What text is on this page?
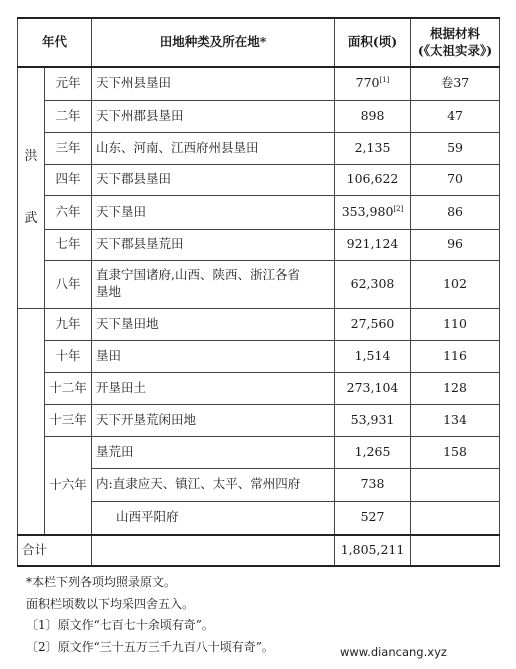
年代		田地种类及所在地*	面积(顷)	根据材料
(《太祖实录》)

洪
武	元年	天下州县垦田	770[1]	卷37
	二年	天下州郡县垦田	898	47
	三年	山东、河南、江西府州县垦田	2,135	59
	四年	天下郡县垦田	106,622	70
	六年	天下垦田	353,980[2]	86
	七年	天下郡县垦荒田	921,124	96
	八年	直隶宁国诸府,山西、陕西、浙江各省
垦地	62,308	102
	九年	天下垦田地	27,560	110
	十年	垦田	1,514	116
	十二年	开垦田土	273,104	128
	十三年	天下开垦荒闲田地	53,931	134
	十六年	垦荒田	1,265	158
		内:直隶应天、镇江、太平、常州四府	738	
		山西平阳府	527	
合计			1,805,211	
*本栏下列各项均照录原文。
面积栏顷数以下均采四舍五入。
〔1〕原文作“七百七十余顷有奇”。
〔2〕原文作“三十五万三千九百八十顷有奇”。	www.diancang.xyz
